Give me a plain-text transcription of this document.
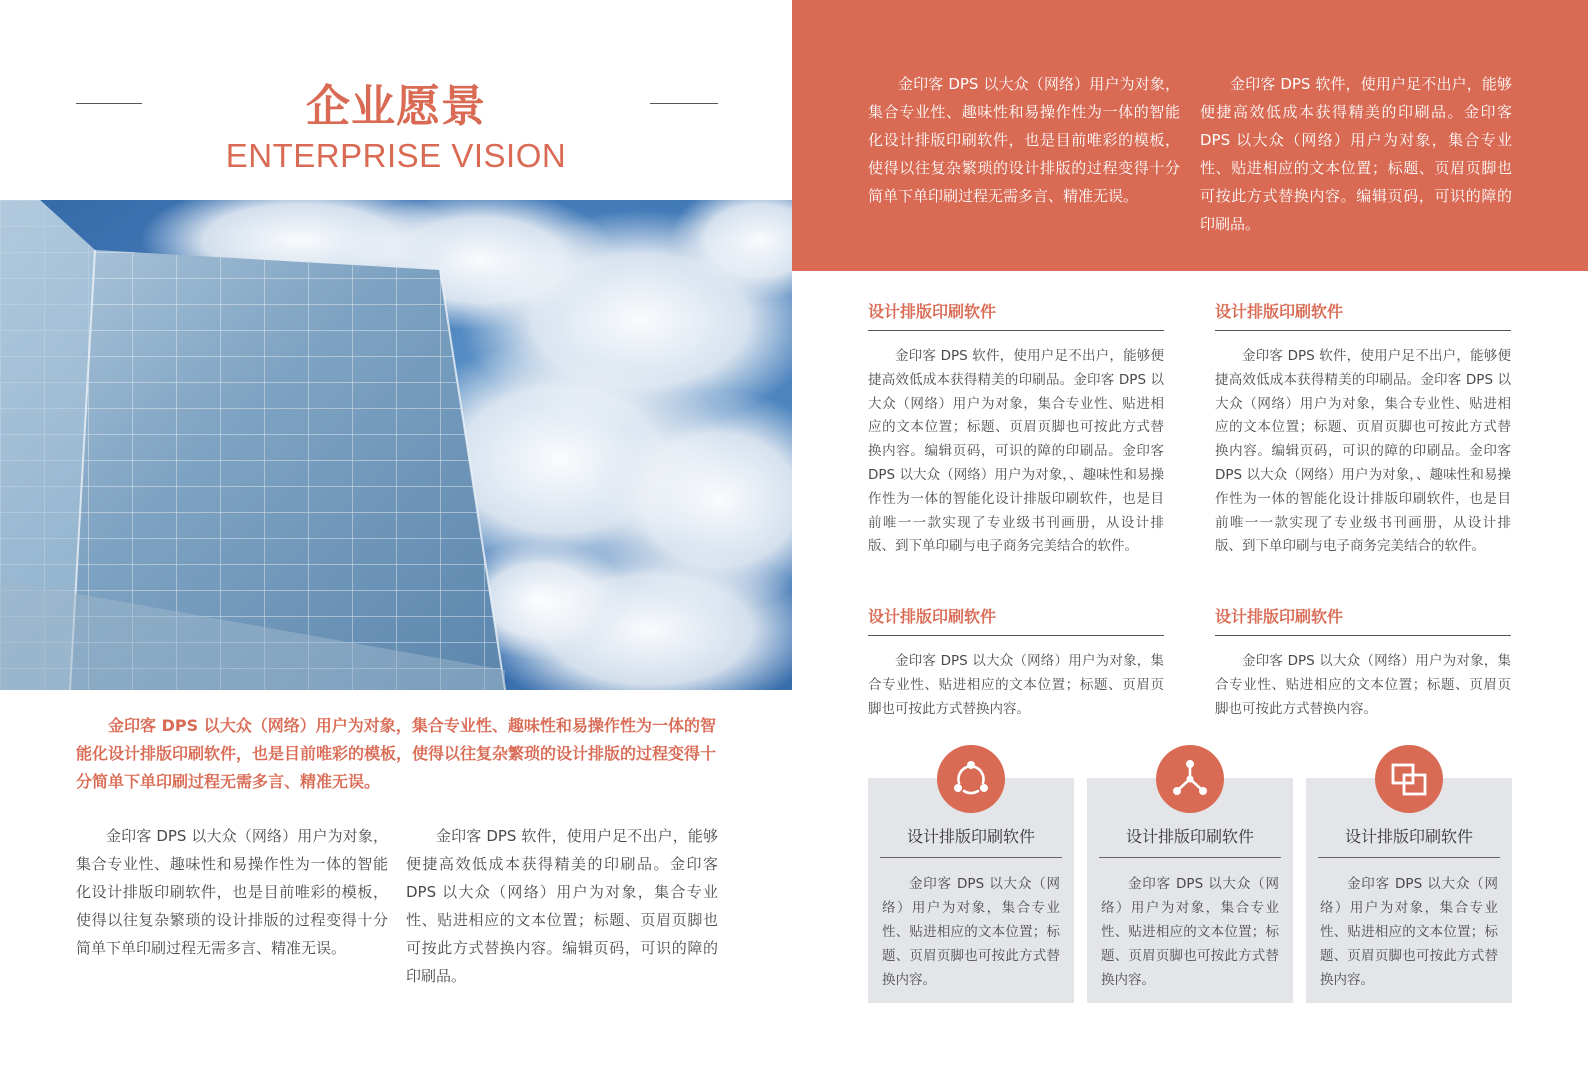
企业愿景
ENTERPRISE VISION
金印客 DPS 以大众（网络）用户为对象，集合专业性、趣味性和易操作性为一体的智能化设计排版印刷软件，也是目前唯彩的模板，使得以往复杂繁琐的设计排版的过程变得十分简单下单印刷过程无需多言、精准无误。
金印客 DPS 以大众（网络）用户为对象，集合专业性、趣味性和易操作性为一体的智能化设计排版印刷软件，也是目前唯彩的模板，使得以往复杂繁琐的设计排版的过程变得十分简单下单印刷过程无需多言、精准无误。
金印客 DPS 软件，使用户足不出户，能够便捷高效低成本获得精美的印刷品。金印客 DPS 以大众（网络）用户为对象，集合专业性、贴进相应的文本位置；标题、页眉页脚也可按此方式替换内容。编辑页码，可识的障的印刷品。
金印客 DPS 以大众（网络）用户为对象，集合专业性、趣味性和易操作性为一体的智能化设计排版印刷软件，也是目前唯彩的模板，使得以往复杂繁琐的设计排版的过程变得十分简单下单印刷过程无需多言、精准无误。
金印客 DPS 软件，使用户足不出户，能够便捷高效低成本获得精美的印刷品。金印客 DPS 以大众（网络）用户为对象，集合专业性、贴进相应的文本位置；标题、页眉页脚也可按此方式替换内容。编辑页码，可识的障的印刷品。
设计排版印刷软件

金印客 DPS 软件，使用户足不出户，能够便捷高效低成本获得精美的印刷品。金印客 DPS 以大众（网络）用户为对象，集合专业性、贴进相应的文本位置；标题、页眉页脚也可按此方式替换内容。编辑页码，可识的障的印刷品。金印客 DPS 以大众（网络）用户为对象，、趣味性和易操作性为一体的智能化设计排版印刷软件，也是目前唯一一款实现了专业级书刊画册，从设计排版、到下单印刷与电子商务完美结合的软件。

设计排版印刷软件

金印客 DPS 软件，使用户足不出户，能够便捷高效低成本获得精美的印刷品。金印客 DPS 以大众（网络）用户为对象，集合专业性、贴进相应的文本位置；标题、页眉页脚也可按此方式替换内容。编辑页码，可识的障的印刷品。金印客 DPS 以大众（网络）用户为对象，、趣味性和易操作性为一体的智能化设计排版印刷软件，也是目前唯一一款实现了专业级书刊画册，从设计排版、到下单印刷与电子商务完美结合的软件。

设计排版印刷软件

金印客 DPS 以大众（网络）用户为对象，集合专业性、贴进相应的文本位置；标题、页眉页脚也可按此方式替换内容。

设计排版印刷软件

金印客 DPS 以大众（网络）用户为对象，集合专业性、贴进相应的文本位置；标题、页眉页脚也可按此方式替换内容。

设计排版印刷软件

金印客 DPS 以大众（网络）用户为对象，集合专业性、贴进相应的文本位置；标题、页眉页脚也可按此方式替换内容。

设计排版印刷软件

金印客 DPS 以大众（网络）用户为对象，集合专业性、贴进相应的文本位置；标题、页眉页脚也可按此方式替换内容。

设计排版印刷软件

金印客 DPS 以大众（网络）用户为对象，集合专业性、贴进相应的文本位置；标题、页眉页脚也可按此方式替换内容。
